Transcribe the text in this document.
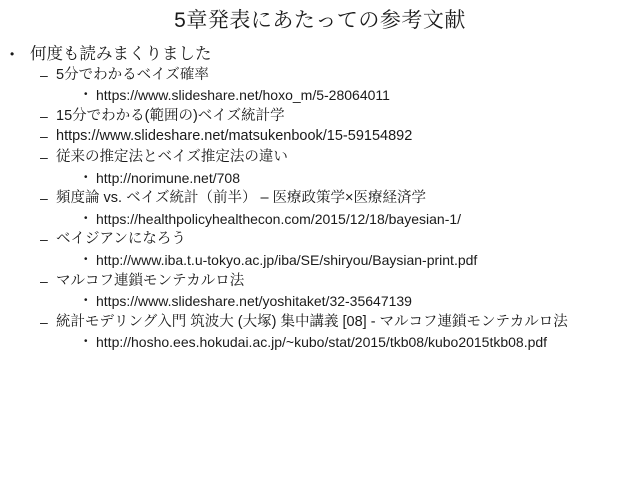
5章発表にあたっての参考文献
• 何度も読みまくりました
– 5分でわかるベイズ確率
• https://www.slideshare.net/hoxo_m/5-28064011
– 15分でわかる(範囲の)ベイズ統計学
– https://www.slideshare.net/matsukenbook/15-59154892
– 従来の推定法とベイズ推定法の違い
• http://norimune.net/708
– 頻度論 vs. ベイズ統計（前半） – 医療政策学×医療経済学
• https://healthpolicyhealthecon.com/2015/12/18/bayesian-1/
– ベイジアンになろう
• http://www.iba.t.u-tokyo.ac.jp/iba/SE/shiryou/Baysian-print.pdf
– マルコフ連鎖モンテカルロ法
• https://www.slideshare.net/yoshitaket/32-35647139
– 統計モデリング入門 筑波大 (大塚) 集中講義 [08] - マルコフ連鎖モンテカルロ法
• http://hosho.ees.hokudai.ac.jp/~kubo/stat/2015/tkb08/kubo2015tkb08.pdf
